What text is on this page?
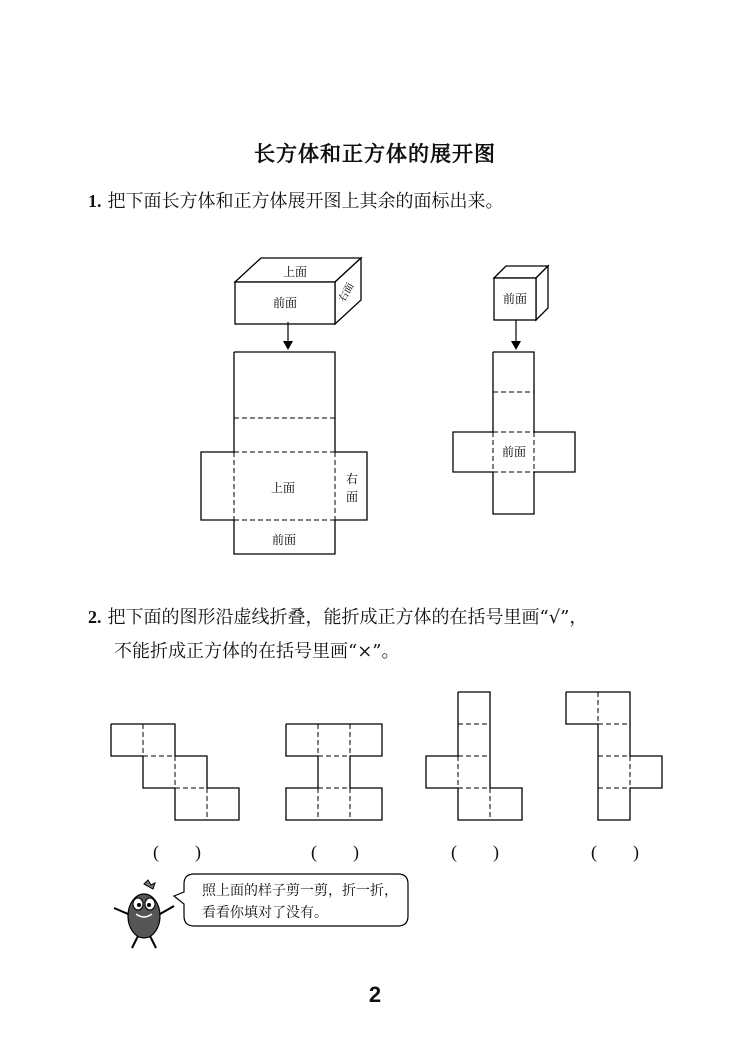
长方体和正方体的展开图
1. 把下面长方体和正方体展开图上其余的面标出来。
上面
前面	右面
上面
右
面
前面
前面
前面
2. 把下面的图形沿虚线折叠，能折成正方体的在括号里画“√”，
不能折成正方体的在括号里画“×”。
(　　)	(　　)	(　　)	(　　)
照上面的样子剪一剪，折一折，
看看你填对了没有。
2
